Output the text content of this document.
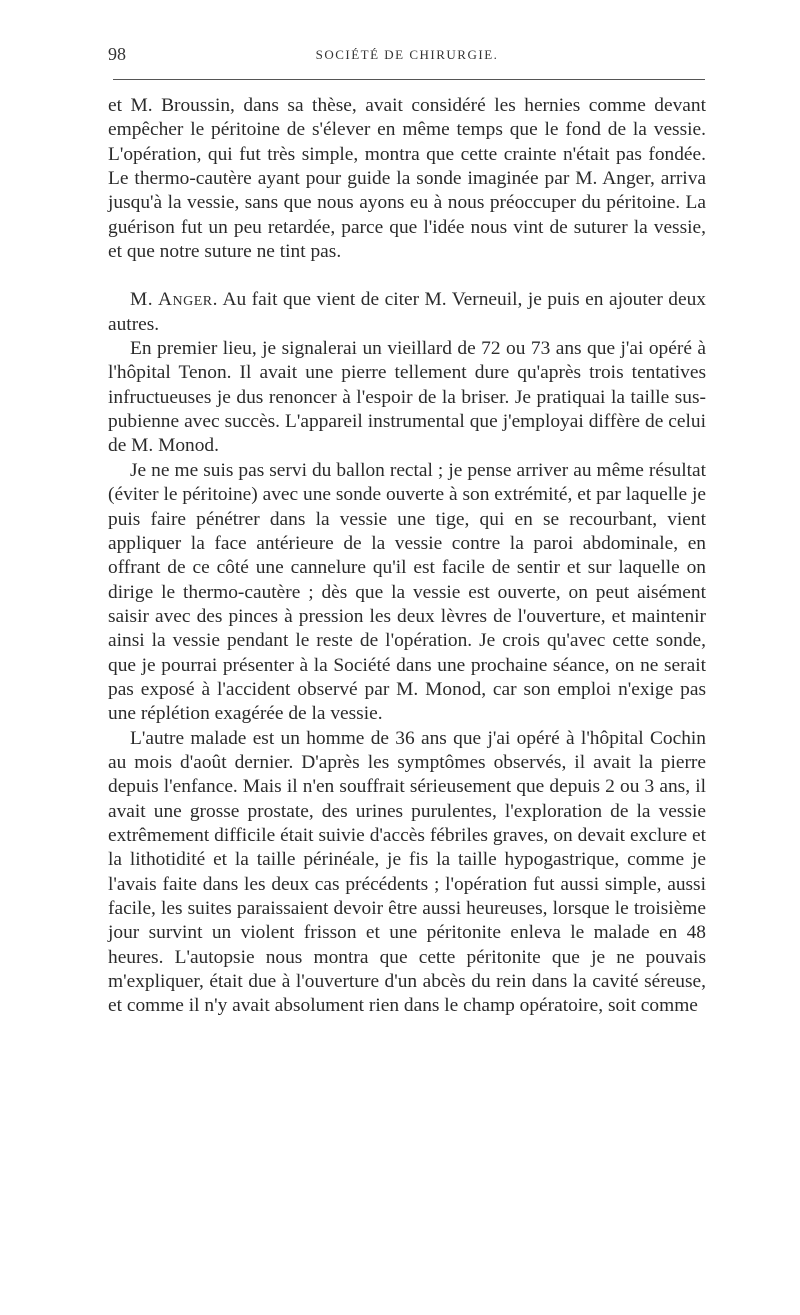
98	SOCIÉTÉ DE CHIRURGIE.

et M. Broussin, dans sa thèse, avait considéré les hernies comme devant empêcher le péritoine de s'élever en même temps que le fond de la vessie. L'opération, qui fut très simple, montra que cette crainte n'était pas fondée. Le thermo-cautère ayant pour guide la sonde imaginée par M. Anger, arriva jusqu'à la vessie, sans que nous ayons eu à nous préoccuper du péritoine. La guérison fut un peu retardée, parce que l'idée nous vint de suturer la vessie, et que notre suture ne tint pas.

M. Anger. Au fait que vient de citer M. Verneuil, je puis en ajouter deux autres.

En premier lieu, je signalerai un vieillard de 72 ou 73 ans que j'ai opéré à l'hôpital Tenon. Il avait une pierre tellement dure qu'après trois tentatives infructueuses je dus renoncer à l'espoir de la briser. Je pratiquai la taille sus-pubienne avec succès. L'appareil instrumental que j'employai diffère de celui de M. Monod.

Je ne me suis pas servi du ballon rectal ; je pense arriver au même résultat (éviter le péritoine) avec une sonde ouverte à son extrémité, et par laquelle je puis faire pénétrer dans la vessie une tige, qui en se recourbant, vient appliquer la face antérieure de la vessie contre la paroi abdominale, en offrant de ce côté une cannelure qu'il est facile de sentir et sur laquelle on dirige le thermo-cautère ; dès que la vessie est ouverte, on peut aisément saisir avec des pinces à pression les deux lèvres de l'ouverture, et maintenir ainsi la vessie pendant le reste de l'opération. Je crois qu'avec cette sonde, que je pourrai présenter à la Société dans une prochaine séance, on ne serait pas exposé à l'accident observé par M. Monod, car son emploi n'exige pas une réplétion exagérée de la vessie.

L'autre malade est un homme de 36 ans que j'ai opéré à l'hôpital Cochin au mois d'août dernier. D'après les symptômes observés, il avait la pierre depuis l'enfance. Mais il n'en souffrait sérieusement que depuis 2 ou 3 ans, il avait une grosse prostate, des urines purulentes, l'exploration de la vessie extrêmement difficile était suivie d'accès fébriles graves, on devait exclure et la lithotidité et la taille périnéale, je fis la taille hypogastrique, comme je l'avais faite dans les deux cas précédents ; l'opération fut aussi simple, aussi facile, les suites paraissaient devoir être aussi heureuses, lorsque le troisième jour survint un violent frisson et une péritonite enleva le malade en 48 heures. L'autopsie nous montra que cette péritonite que je ne pouvais m'expliquer, était due à l'ouverture d'un abcès du rein dans la cavité séreuse, et comme il n'y avait absolument rien dans le champ opératoire, soit comme
